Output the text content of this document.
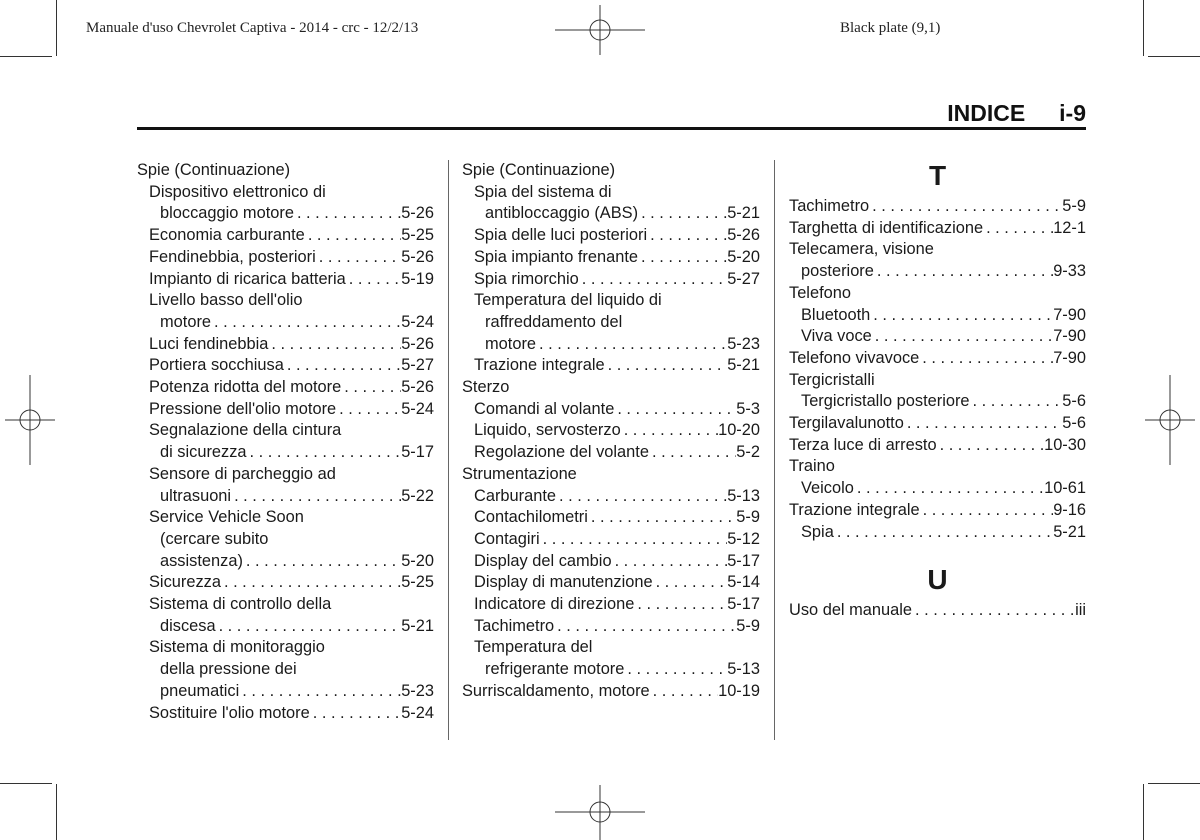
Manuale d'uso Chevrolet Captiva - 2014 - crc - 12/2/13	Black plate (9,1)
INDICE i-9
Spie (Continuazione)
Dispositivo elettronico di
bloccaggio motore . . .	5-26
Economia carburante . . .	5-25
Fendinebbia, posteriori . . .	5-26
Impianto di ricarica batteria . . .	5-19
Livello basso dell'olio
motore . . .	5-24
Luci fendinebbia . . .	5-26
Portiera socchiusa . . .	5-27
Potenza ridotta del motore . . .	5-26
Pressione dell'olio motore . . .	5-24
Segnalazione della cintura
di sicurezza . . .	5-17
Sensore di parcheggio ad
ultrasuoni . . .	5-22
Service Vehicle Soon
(cercare subito
assistenza) . . .	5-20
Sicurezza . . .	5-25
Sistema di controllo della
discesa . . .	5-21
Sistema di monitoraggio
della pressione dei
pneumatici . . .	5-23
Sostituire l'olio motore . . .	5-24
Spie (Continuazione)
Spia del sistema di
antibloccaggio (ABS) . . .	5-21
Spia delle luci posteriori . . .	5-26
Spia impianto frenante . . .	5-20
Spia rimorchio . . .	5-27
Temperatura del liquido di
raffreddamento del
motore . . .	5-23
Trazione integrale . . .	5-21
Sterzo
Comandi al volante . . .	5-3
Liquido, servosterzo . . .	10-20
Regolazione del volante . . .	5-2
Strumentazione
Carburante . . .	5-13
Contachilometri . . .	5-9
Contagiri . . .	5-12
Display del cambio . . .	5-17
Display di manutenzione . . .	5-14
Indicatore di direzione . . .	5-17
Tachimetro . . .	5-9
Temperatura del
refrigerante motore . . .	5-13
Surriscaldamento, motore . . .	10-19
T
Tachimetro . . .	5-9
Targhetta di identificazione . . .	12-1
Telecamera, visione
posteriore . . .	9-33
Telefono
Bluetooth . . .	7-90
Viva voce . . .	7-90
Telefono vivavoce . . .	7-90
Tergicristalli
Tergicristallo posteriore . . .	5-6
Tergilavalunotto . . .	5-6
Terza luce di arresto . . .	10-30
Traino
Veicolo . . .	10-61
Trazione integrale . . .	9-16
Spia . . .	5-21
U
Uso del manuale . . .	iii
